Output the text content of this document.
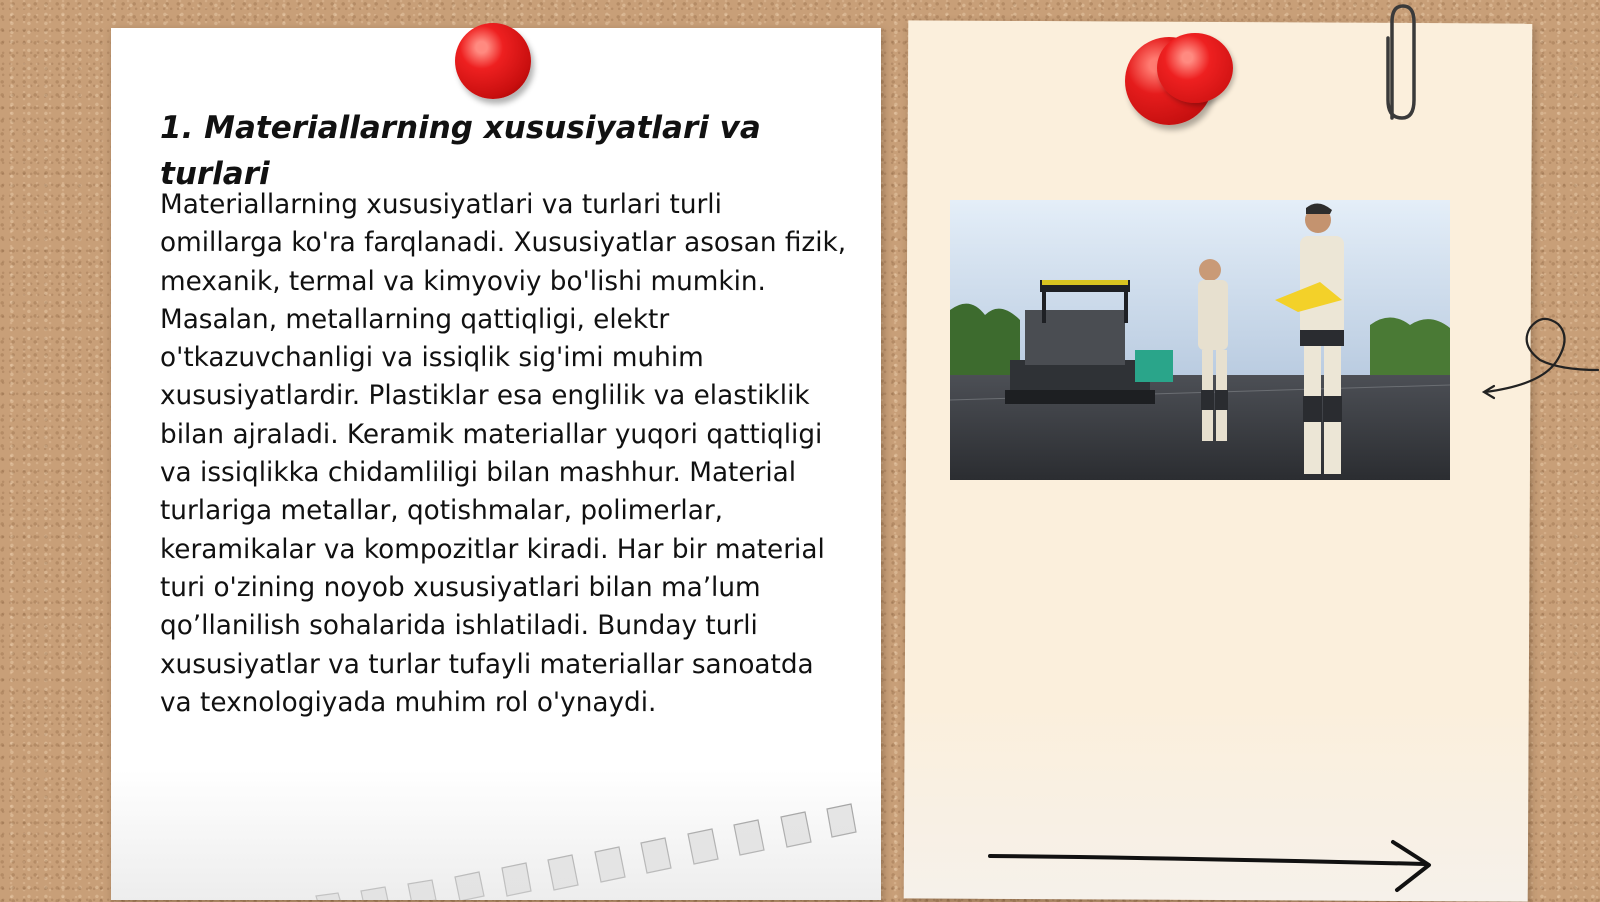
1. Materiallarning xususiyatlari va turlari

Materiallarning xususiyatlari va turlari turli omillarga ko'ra farqlanadi. Xususiyatlar asosan fizik, mexanik, termal va kimyoviy bo'lishi mumkin. Masalan, metallarning qattiqligi, elektr o'tkazuvchanligi va issiqlik sig'imi muhim xususiyatlardir. Plastiklar esa englilik va elastiklik bilan ajraladi. Keramik materiallar yuqori qattiqligi va issiqlikka chidamliligi bilan mashhur. Material turlariga metallar, qotishmalar, polimerlar, keramikalar va kompozitlar kiradi. Har bir material turi o'zining noyob xususiyatlari bilan ma’lum qo’llanilish sohalarida ishlatiladi. Bunday turli xususiyatlar va turlar tufayli materiallar sanoatda va texnologiyada muhim rol o'ynaydi.
